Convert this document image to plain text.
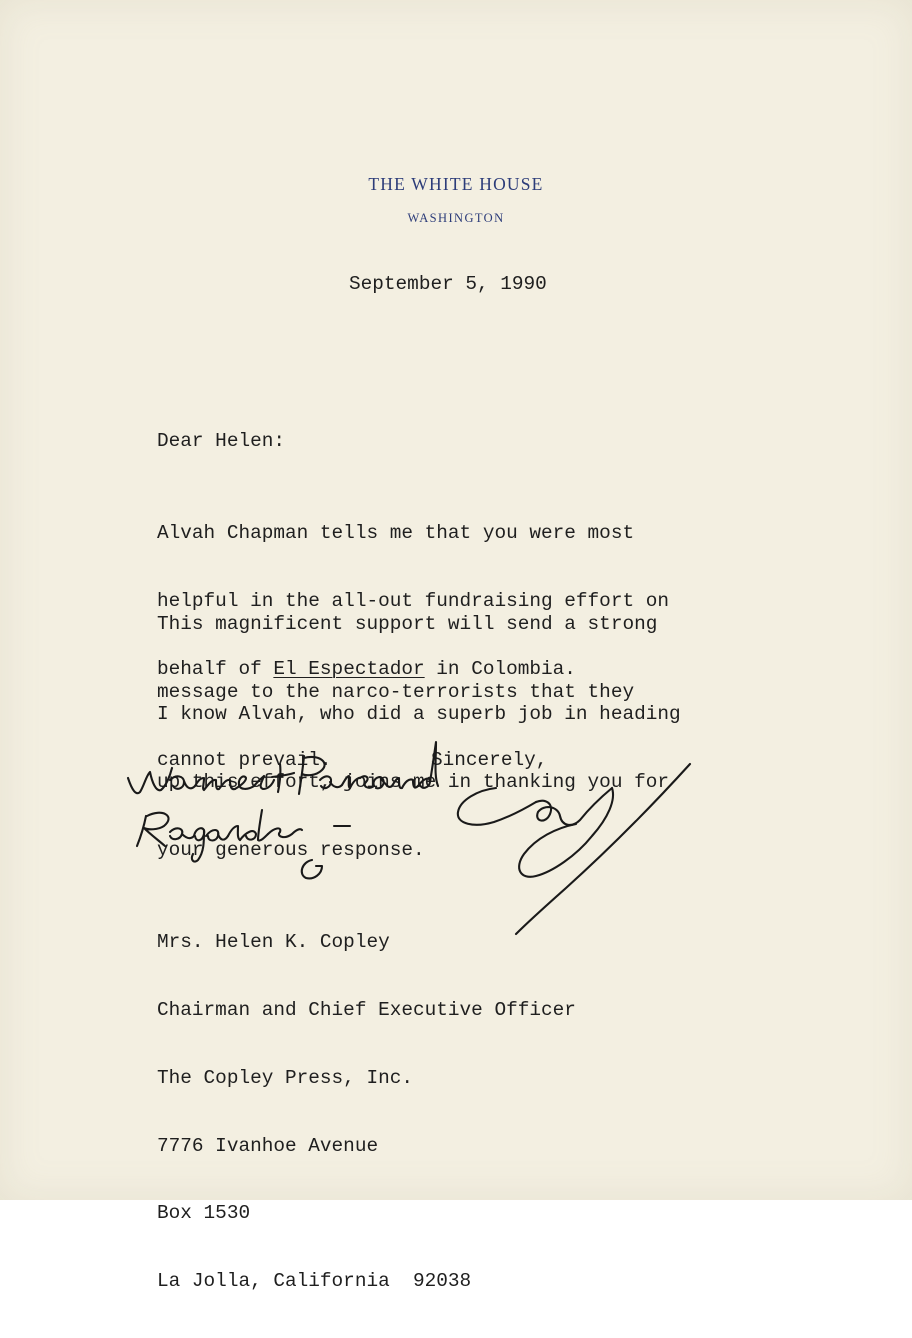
THE WHITE HOUSE
WASHINGTON
September 5, 1990
Dear Helen:

Alvah Chapman tells me that you were most

helpful in the all-out fundraising effort on

behalf of El Espectador in Colombia.

This magnificent support will send a strong

message to the narco-terrorists that they

cannot prevail.

I know Alvah, who did a superb job in heading

up this effort, joins me in thanking you for

your generous response.

Sincerely,

Mrs. Helen K. Copley

Chairman and Chief Executive Officer

The Copley Press, Inc.

7776 Ivanhoe Avenue

Box 1530

La Jolla, California  92038
